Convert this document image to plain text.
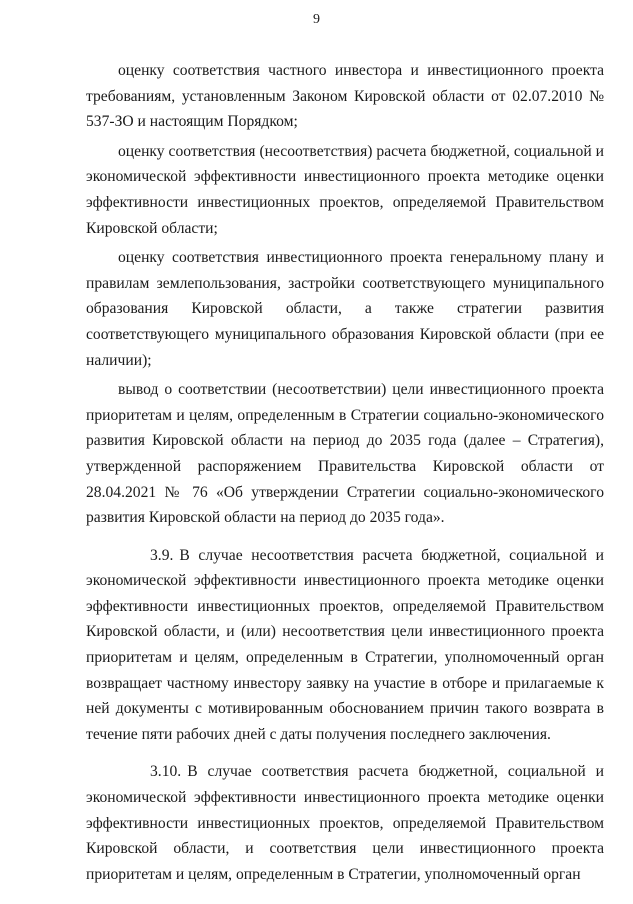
9

оценку соответствия частного инвестора и инвестиционного проекта требованиям, установленным Законом Кировской области от 02.07.2010 № 537-ЗО и настоящим Порядком;

оценку соответствия (несоответствия) расчета бюджетной, социальной и экономической эффективности инвестиционного проекта методике оценки эффективности инвестиционных проектов, определяемой Правительством Кировской области;

оценку соответствия инвестиционного проекта генеральному плану и правилам землепользования, застройки соответствующего муниципального образования Кировской области, а также стратегии развития соответствующего муниципального образования Кировской области (при ее наличии);

вывод о соответствии (несоответствии) цели инвестиционного проекта приоритетам и целям, определенным в Стратегии социально-экономического развития Кировской области на период до 2035 года (далее – Стратегия), утвержденной распоряжением Правительства Кировской области от 28.04.2021 № 76 «Об утверждении Стратегии социально-экономического развития Кировской области на период до 2035 года».

3.9. В случае несоответствия расчета бюджетной, социальной и экономической эффективности инвестиционного проекта методике оценки эффективности инвестиционных проектов, определяемой Правительством Кировской области, и (или) несоответствия цели инвестиционного проекта приоритетам и целям, определенным в Стратегии, уполномоченный орган возвращает частному инвестору заявку на участие в отборе и прилагаемые к ней документы с мотивированным обоснованием причин такого возврата в течение пяти рабочих дней с даты получения последнего заключения.

3.10. В случае соответствия расчета бюджетной, социальной и экономической эффективности инвестиционного проекта методике оценки эффективности инвестиционных проектов, определяемой Правительством Кировской области, и соответствия цели инвестиционного проекта приоритетам и целям, определенным в Стратегии, уполномоченный орган
